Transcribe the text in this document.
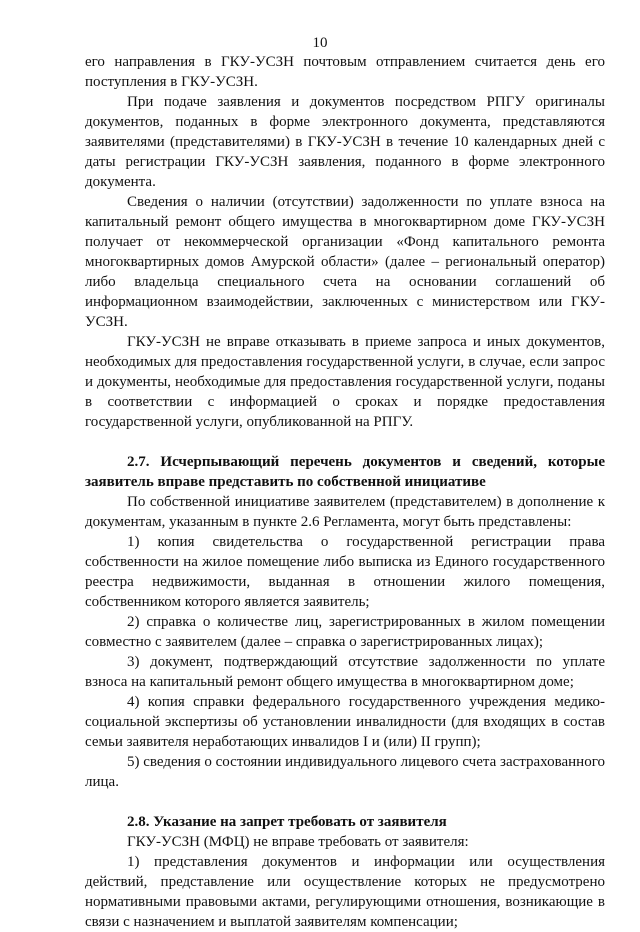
10

его направления в ГКУ-УСЗН почтовым отправлением считается день его поступления в ГКУ-УСЗН.

При подаче заявления и документов посредством РПГУ оригиналы документов, поданных в форме электронного документа, представляются заявителями (представителями) в ГКУ-УСЗН в течение 10 календарных дней с даты регистрации ГКУ-УСЗН заявления, поданного в форме электронного документа.

Сведения о наличии (отсутствии) задолженности по уплате взноса на капитальный ремонт общего имущества в многоквартирном доме ГКУ-УСЗН получает от некоммерческой организации «Фонд капитального ремонта многоквартирных домов Амурской области» (далее – региональный оператор) либо владельца специального счета на основании соглашений об информационном взаимодействии, заключенных с министерством или ГКУ-УСЗН.

ГКУ-УСЗН не вправе отказывать в приеме запроса и иных документов, необходимых для предоставления государственной услуги, в случае, если запрос и документы, необходимые для предоставления государственной услуги, поданы в соответствии с информацией о сроках и порядке предоставления государственной услуги, опубликованной на РПГУ.

2.7. Исчерпывающий перечень документов и сведений, которые заявитель вправе представить по собственной инициативе

По собственной инициативе заявителем (представителем) в дополнение к документам, указанным в пункте 2.6 Регламента, могут быть представлены:

1) копия свидетельства о государственной регистрации права собственности на жилое помещение либо выписка из Единого государственного реестра недвижимости, выданная в отношении жилого помещения, собственником которого является заявитель;

2) справка о количестве лиц, зарегистрированных в жилом помещении совместно с заявителем (далее – справка о зарегистрированных лицах);

3) документ, подтверждающий отсутствие задолженности по уплате взноса на капитальный ремонт общего имущества в многоквартирном доме;

4) копия справки федерального государственного учреждения медико-социальной экспертизы об установлении инвалидности (для входящих в состав семьи заявителя неработающих инвалидов I и (или) II групп);

5) сведения о состоянии индивидуального лицевого счета застрахованного лица.

2.8. Указание на запрет требовать от заявителя

ГКУ-УСЗН (МФЦ) не вправе требовать от заявителя:

1) представления документов и информации или осуществления действий, представление или осуществление которых не предусмотрено нормативными правовыми актами, регулирующими отношения, возникающие в связи с назначением и выплатой заявителям компенсации;
